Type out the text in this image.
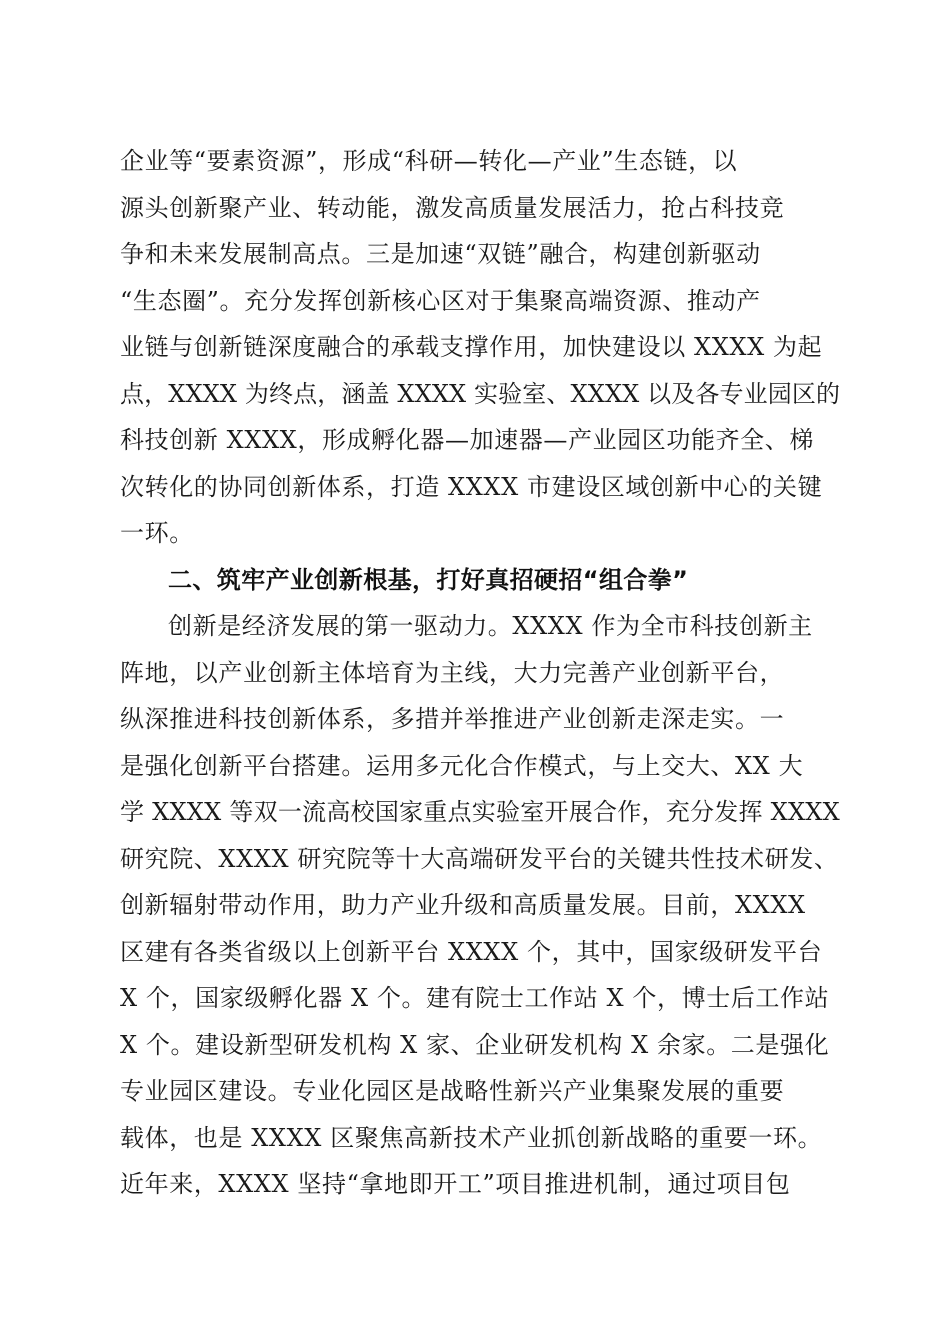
企业等“要素资源”，形成“科研—转化—产业”生态链，以
源头创新聚产业、转动能，激发高质量发展活力，抢占科技竞
争和未来发展制高点。三是加速“双链”融合，构建创新驱动
“生态圈”。充分发挥创新核心区对于集聚高端资源、推动产
业链与创新链深度融合的承载支撑作用，加快建设以 XXXX 为起
点，XXXX 为终点，涵盖 XXXX 实验室、XXXX 以及各专业园区的
科技创新 XXXX，形成孵化器—加速器—产业园区功能齐全、梯
次转化的协同创新体系，打造 XXXX 市建设区域创新中心的关键
一环。
二、筑牢产业创新根基，打好真招硬招“组合拳”
创新是经济发展的第一驱动力。XXXX 作为全市科技创新主
阵地，以产业创新主体培育为主线，大力完善产业创新平台，
纵深推进科技创新体系，多措并举推进产业创新走深走实。一
是强化创新平台搭建。运用多元化合作模式，与上交大、XX 大
学 XXXX 等双一流高校国家重点实验室开展合作，充分发挥 XXXX
研究院、XXXX 研究院等十大高端研发平台的关键共性技术研发、
创新辐射带动作用，助力产业升级和高质量发展。目前，XXXX
区建有各类省级以上创新平台 XXXX 个，其中，国家级研发平台
X 个，国家级孵化器 X 个。建有院士工作站 X 个，博士后工作站
X 个。建设新型研发机构 X 家、企业研发机构 X 余家。二是强化
专业园区建设。专业化园区是战略性新兴产业集聚发展的重要
载体，也是 XXXX 区聚焦高新技术产业抓创新战略的重要一环。
近年来，XXXX 坚持“拿地即开工”项目推进机制，通过项目包
